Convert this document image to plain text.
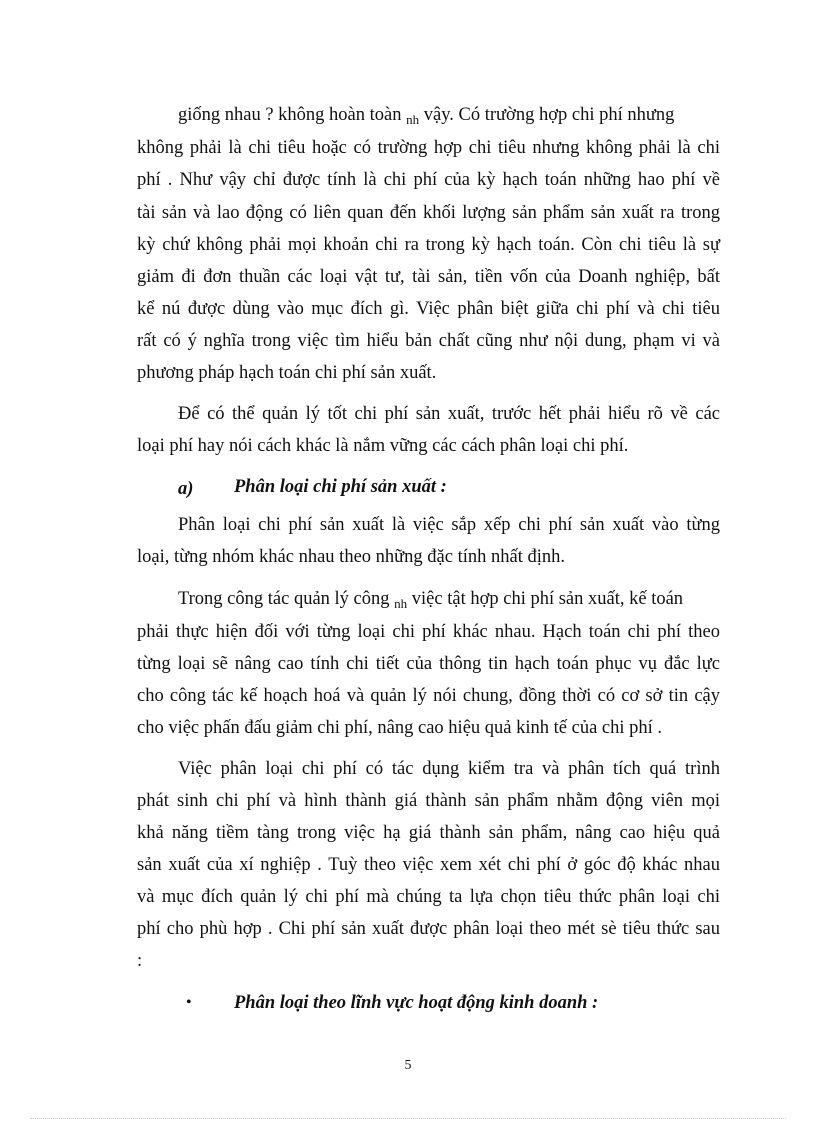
giống nhau ? không hoàn toàn $_{nh}$ vậy. Có trường hợp chi phí nhưng
không phải là chi tiêu hoặc có trường hợp chi tiêu nhưng không phải là chi
phí . Như vậy chỉ được tính là chi phí của kỳ hạch toán những hao phí về
tài sản và lao động có liên quan đến khối lượng sản phẩm sản xuất ra trong
kỳ chứ không phải mọi khoản chi ra trong kỳ hạch toán. Còn chi tiêu là sự
giảm đi đơn thuần các loại vật tư, tài sản, tiền vốn của Doanh nghiệp, bất
kể nú được dùng vào mục đích gì. Việc phân biệt giữa chi phí và chi tiêu
rất có ý nghĩa trong việc tìm hiểu bản chất cũng như nội dung, phạm vi và
phương pháp hạch toán chi phí sản xuất.
Để có thể quản lý tốt chi phí sản xuất, trước hết phải hiểu rõ về các
loại phí hay nói cách khác là nắm vững các cách phân loại chi phí.
a) Phân loại chi phí sản xuất :
Phân loại chi phí sản xuất là việc sắp xếp chi phí sản xuất vào từng
loại, từng nhóm khác nhau theo những đặc tính nhất định.
Trong công tác quản lý công $_{nh}$ việc tật hợp chi phí sản xuất, kế toán
phải thực hiện đối với từng loại chi phí khác nhau. Hạch toán chi phí theo
từng loại sẽ nâng cao tính chi tiết của thông tin hạch toán phục vụ đắc lực
cho công tác kế hoạch hoá và quản lý nói chung, đồng thời có cơ sở tin cậy
cho việc phấn đấu giảm chi phí, nâng cao hiệu quả kinh tế của chi phí .
Việc phân loại chi phí có tác dụng kiểm tra và phân tích quá trình
phát sinh chi phí và hình thành giá thành sản phẩm nhằm động viên mọi
khả năng tiềm tàng trong việc hạ giá thành sản phẩm, nâng cao hiệu quả
sản xuất của xí nghiệp . Tuỳ theo việc xem xét chi phí ở góc độ khác nhau
và mục đích quản lý chi phí mà chúng ta lựa chọn tiêu thức phân loại chi
phí cho phù hợp . Chi phí sản xuất được phân loại theo mét sè tiêu thức sau
:
• Phân loại theo lĩnh vực hoạt động kinh doanh :
5
